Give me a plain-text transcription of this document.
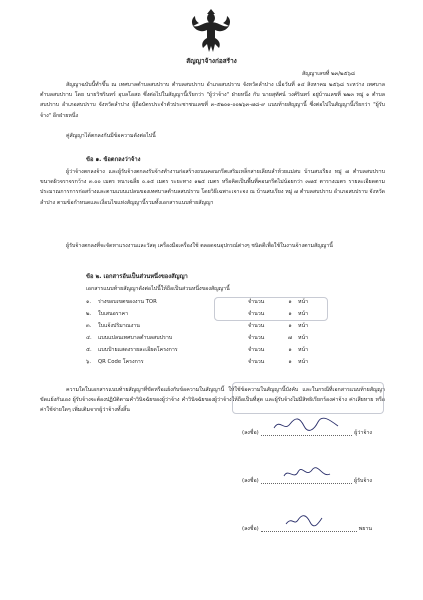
สัญญาจ้างก่อสร้าง
สัญญาเลขที่ ๒๓/๒๕๖๘
สัญญาฉบับนี้ทำขึ้น ณ เทศบาลตำบลสบปราบ ตำบลสบปราบ อำเภอสบปราบ จังหวัดลำปาง เมื่อวันที่ ๑๔ สิงหาคม ๒๕๖๘ ระหว่าง เทศบาลตำบลสบปราบ โดย นายวิชรินทร์ อุบลโอสถ ซึ่งต่อไปในสัญญานี้เรียกว่า "ผู้ว่าจ้าง" ฝ่ายหนึ่ง กับ นายสุทัศน์ วงศ์รินทร์ อยู่บ้านเลขที่ ๒๒๓ หมู่ ๑ ตำบลสบปราบ อำเภอสบปราบ จังหวัดลำปาง ผู้ถือบัตรประจำตัวประชาชนเลขที่ ๓-๕๒๐๑-๐๐๒๖๓-๗๘-๙ แนบท้ายสัญญานี้ ซึ่งต่อไปในสัญญานี้เรียกว่า "ผู้รับจ้าง" อีกฝ่ายหนึ่ง
คู่สัญญาได้ตกลงกันมีข้อความดังต่อไปนี้
ข้อ ๑. ข้อตกลงว่าจ้าง
ผู้ว่าจ้างตกลงจ้าง และผู้รับจ้างตกลงรับจ้างทำงานก่อสร้างถนนคอนกรีตเสริมเหล็กสายเลียบลำห้วยแม่สบ บ้านสบเรียง หมู่ ๗ ตำบลสบปราบ ขนาดผิวจราจรกว้าง ๓.๐๐ เมตร หนาเฉลี่ย ๐.๑๕ เมตร ระยะทาง ๑๒๕ เมตร หรือคิดเป็นพื้นที่คอนกรีตไม่น้อยกว่า ๓๗๕ ตารางเมตร รายละเอียดตามประมาณการการก่อสร้างและตามแบบแปลนของเทศบาลตำบลสบปราบ โดยวิธีเฉพาะเจาะจง ณ บ้านสบเรียง หมู่ ๗ ตำบลสบปราบ อำเภอสบปราบ จังหวัดลำปาง ตามข้อกำหนดและเงื่อนไขแห่งสัญญานี้รวมทั้งเอกสารแนบท้ายสัญญา
ผู้รับจ้างตกลงที่จะจัดหาแรงงานและวัสดุ เครื่องมือเครื่องใช้ ตลอดจนอุปกรณ์ต่างๆ ชนิดดีเพื่อใช้ในงานจ้างตามสัญญานี้
ข้อ ๒. เอกสารอันเป็นส่วนหนึ่งของสัญญา
เอกสารแนบท้ายสัญญาดังต่อไปนี้ให้ถือเป็นส่วนหนึ่งของสัญญานี้
๑.	ร่างขอบเขตของงาน TOR	จำนวน	๑	หน้า
๒.	ใบเสนอราคา	จำนวน	๑	หน้า
๓.	ใบแจ้งปริมาณงาน	จำนวน	๑	หน้า
๔.	แบบแปลนเทศบาลตำบลสบปราบ	จำนวน	๗	หน้า
๕.	แบบป้ายแสดงรายละเอียดโครงการ	จำนวน	๑	หน้า
๖.	QR Code โครงการ	จำนวน	๑	หน้า
ความใดในเอกสารแนบท้ายสัญญาที่ขัดหรือแย้งกับข้อความในสัญญานี้ ให้ใช้ข้อความในสัญญานี้บังคับ และในกรณีที่เอกสารแนบท้ายสัญญาขัดแย้งกันเอง ผู้รับจ้างจะต้องปฏิบัติตามคำวินิจฉัยของผู้ว่าจ้าง คำวินิจฉัยของผู้ว่าจ้างให้ถือเป็นที่สุด และผู้รับจ้างไม่มีสิทธิเรียกร้องค่าจ้าง ค่าเสียหาย หรือค่าใช้จ่ายใดๆ เพิ่มเติมจากผู้ว่าจ้างทั้งสิ้น
(ลงชื่อ)	ผู้ว่าจ้าง
(ลงชื่อ)	ผู้รับจ้าง
(ลงชื่อ)	พยาน
